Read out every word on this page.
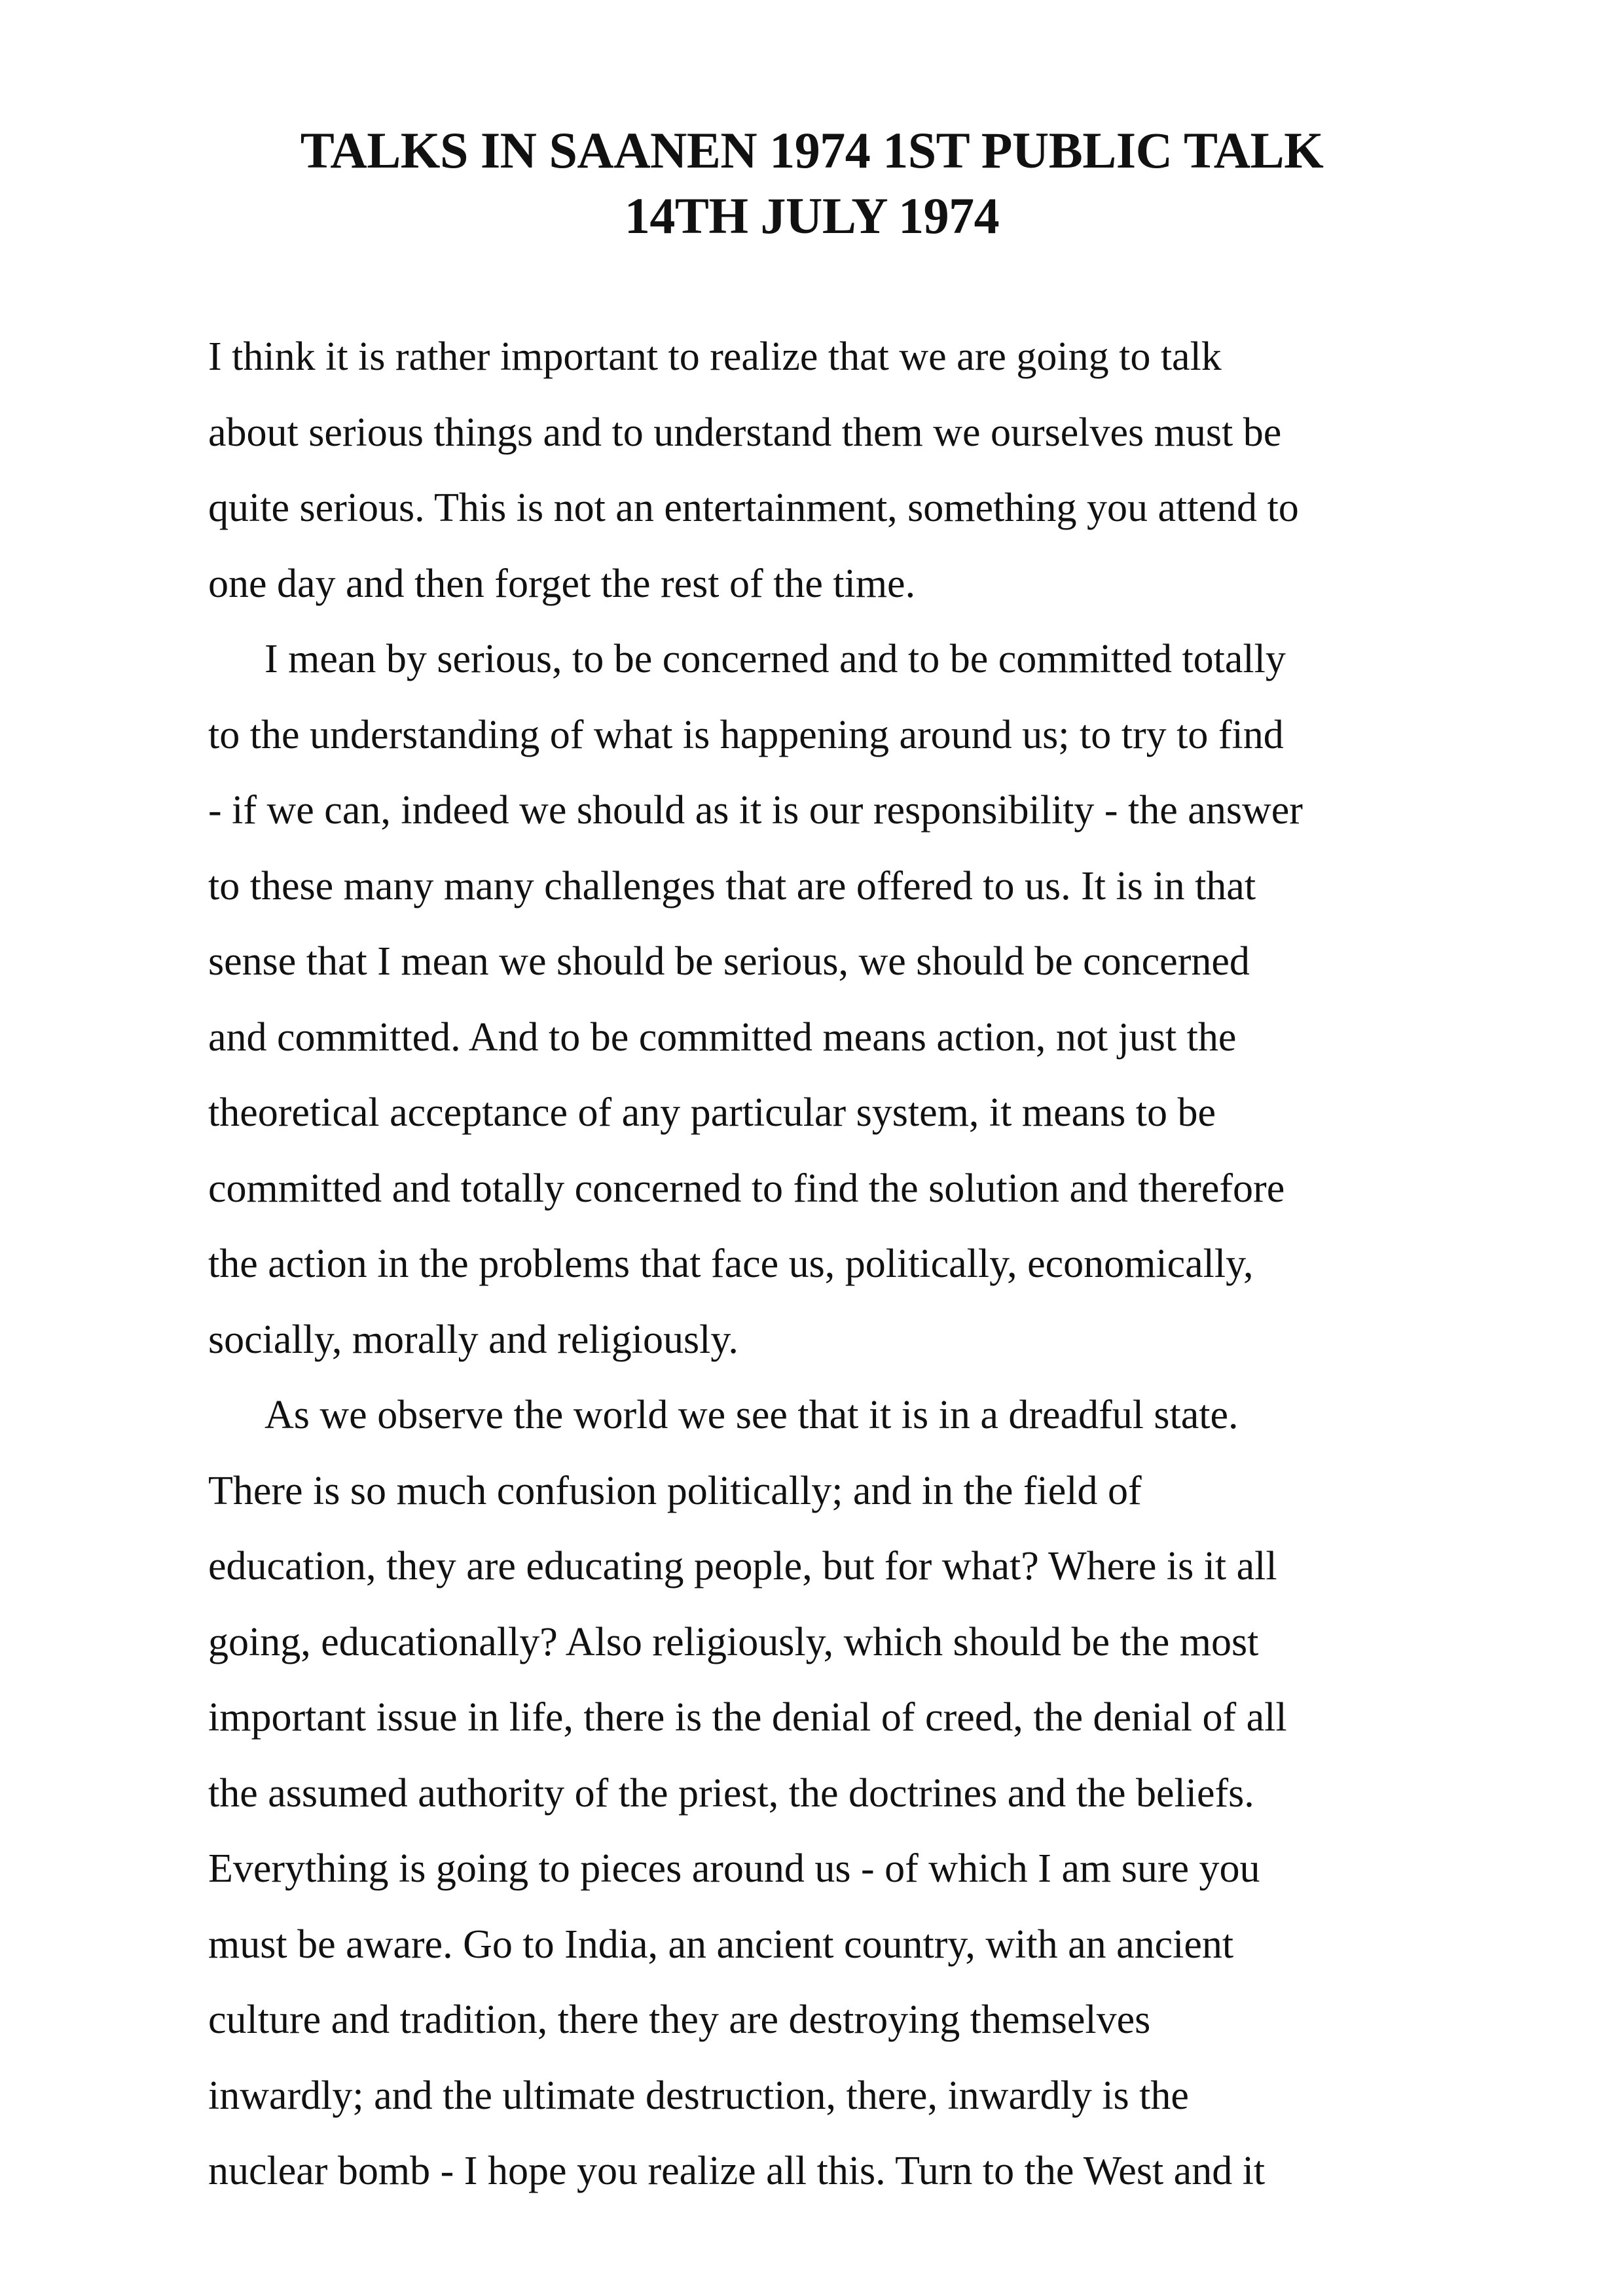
TALKS IN SAANEN 1974 1ST PUBLIC TALK
14TH JULY 1974

I think it is rather important to realize that we are going to talk
about serious things and to understand them we ourselves must be
quite serious. This is not an entertainment, something you attend to
one day and then forget the rest of the time.

I mean by serious, to be concerned and to be committed totally
to the understanding of what is happening around us; to try to find
- if we can, indeed we should as it is our responsibility - the answer
to these many many challenges that are offered to us. It is in that
sense that I mean we should be serious, we should be concerned
and committed. And to be committed means action, not just the
theoretical acceptance of any particular system, it means to be
committed and totally concerned to find the solution and therefore
the action in the problems that face us, politically, economically,
socially, morally and religiously.

As we observe the world we see that it is in a dreadful state.
There is so much confusion politically; and in the field of
education, they are educating people, but for what? Where is it all
going, educationally? Also religiously, which should be the most
important issue in life, there is the denial of creed, the denial of all
the assumed authority of the priest, the doctrines and the beliefs.
Everything is going to pieces around us - of which I am sure you
must be aware. Go to India, an ancient country, with an ancient
culture and tradition, there they are destroying themselves
inwardly; and the ultimate destruction, there, inwardly is the
nuclear bomb - I hope you realize all this. Turn to the West and it
